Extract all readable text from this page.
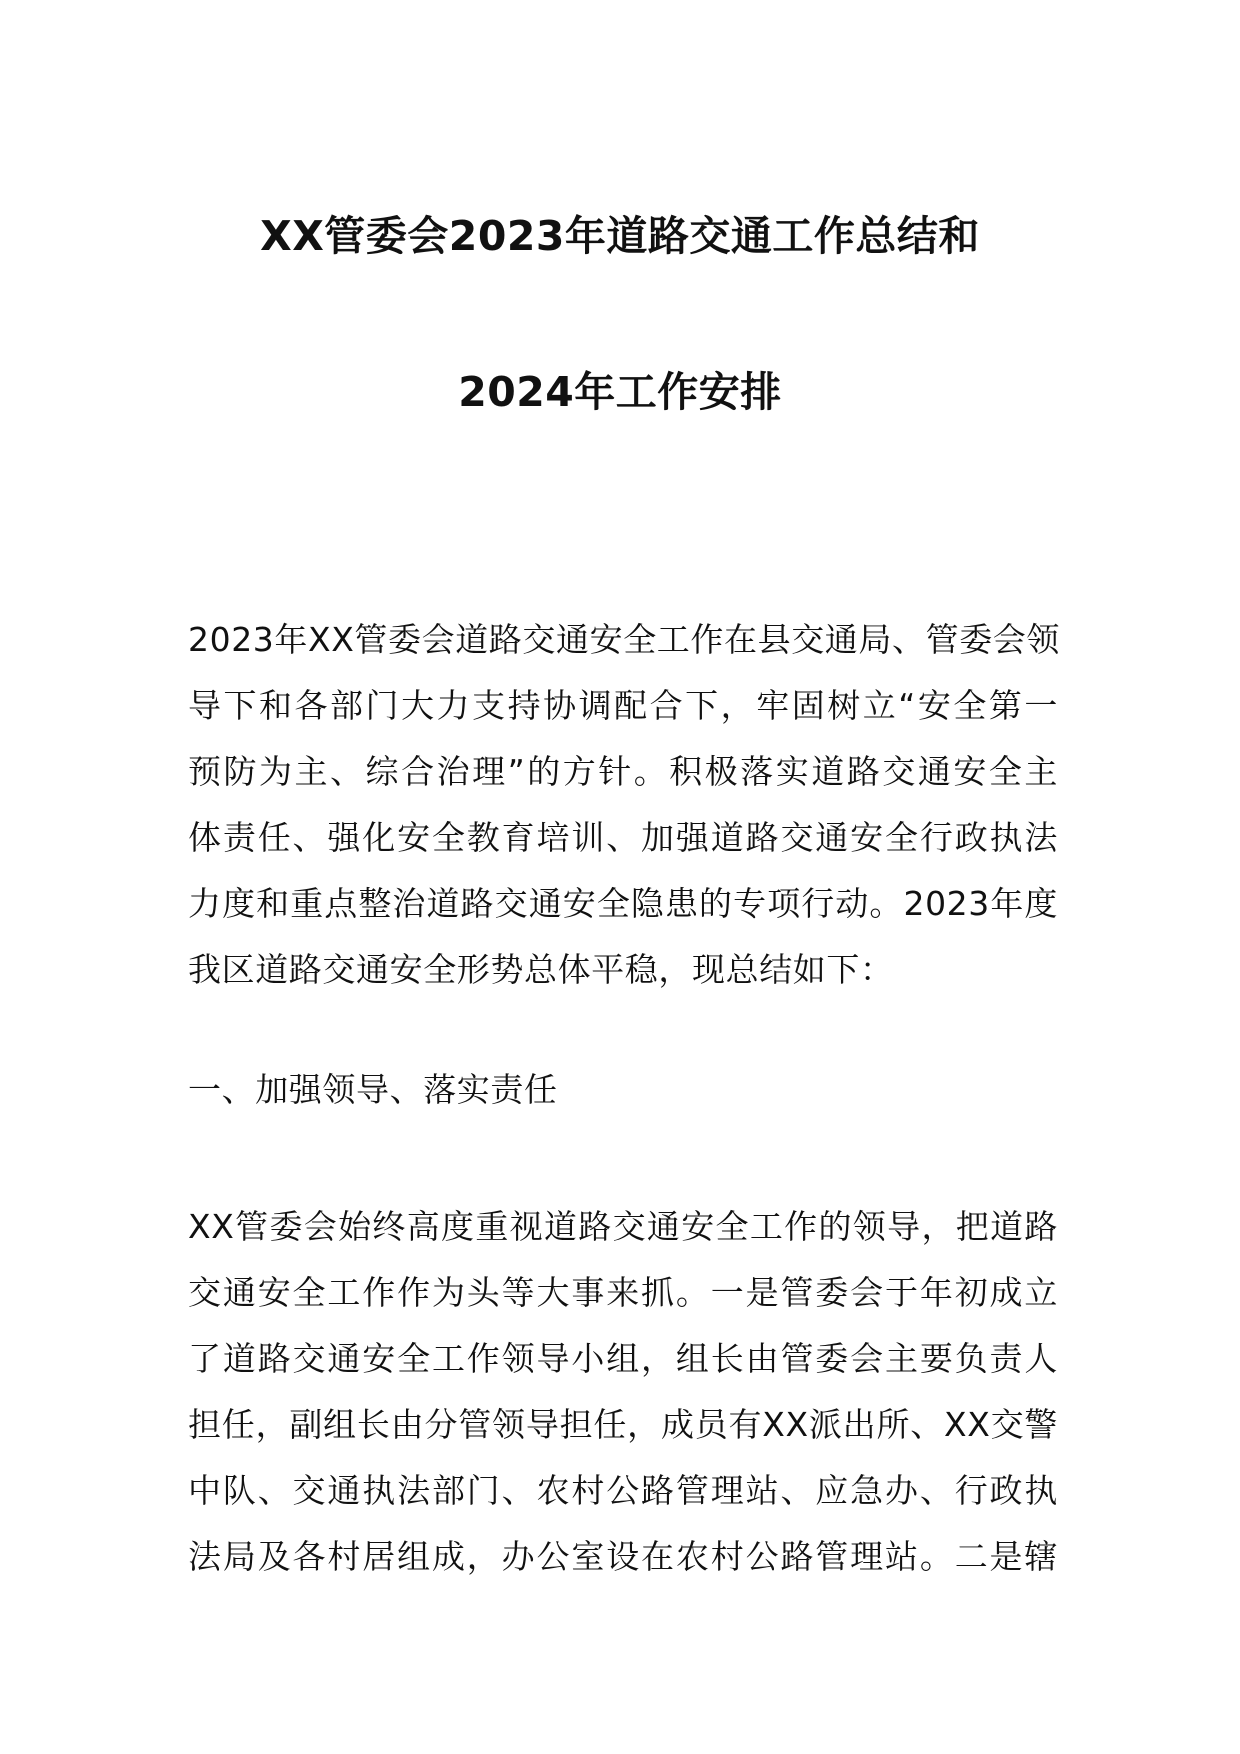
XX管委会2023年道路交通工作总结和
2024年工作安排
2023年XX管委会道路交通安全工作在县交通局、管委会领
导下和各部门大力支持协调配合下，牢固树立“安全第一
预防为主、综合治理”的方针。积极落实道路交通安全主
体责任、强化安全教育培训、加强道路交通安全行政执法
力度和重点整治道路交通安全隐患的专项行动。2023年度
我区道路交通安全形势总体平稳，现总结如下：
一、加强领导、落实责任
XX管委会始终高度重视道路交通安全工作的领导，把道路
交通安全工作作为头等大事来抓。一是管委会于年初成立
了道路交通安全工作领导小组，组长由管委会主要负责人
担任，副组长由分管领导担任，成员有XX派出所、XX交警
中队、交通执法部门、农村公路管理站、应急办、行政执
法局及各村居组成，办公室设在农村公路管理站。二是辖
